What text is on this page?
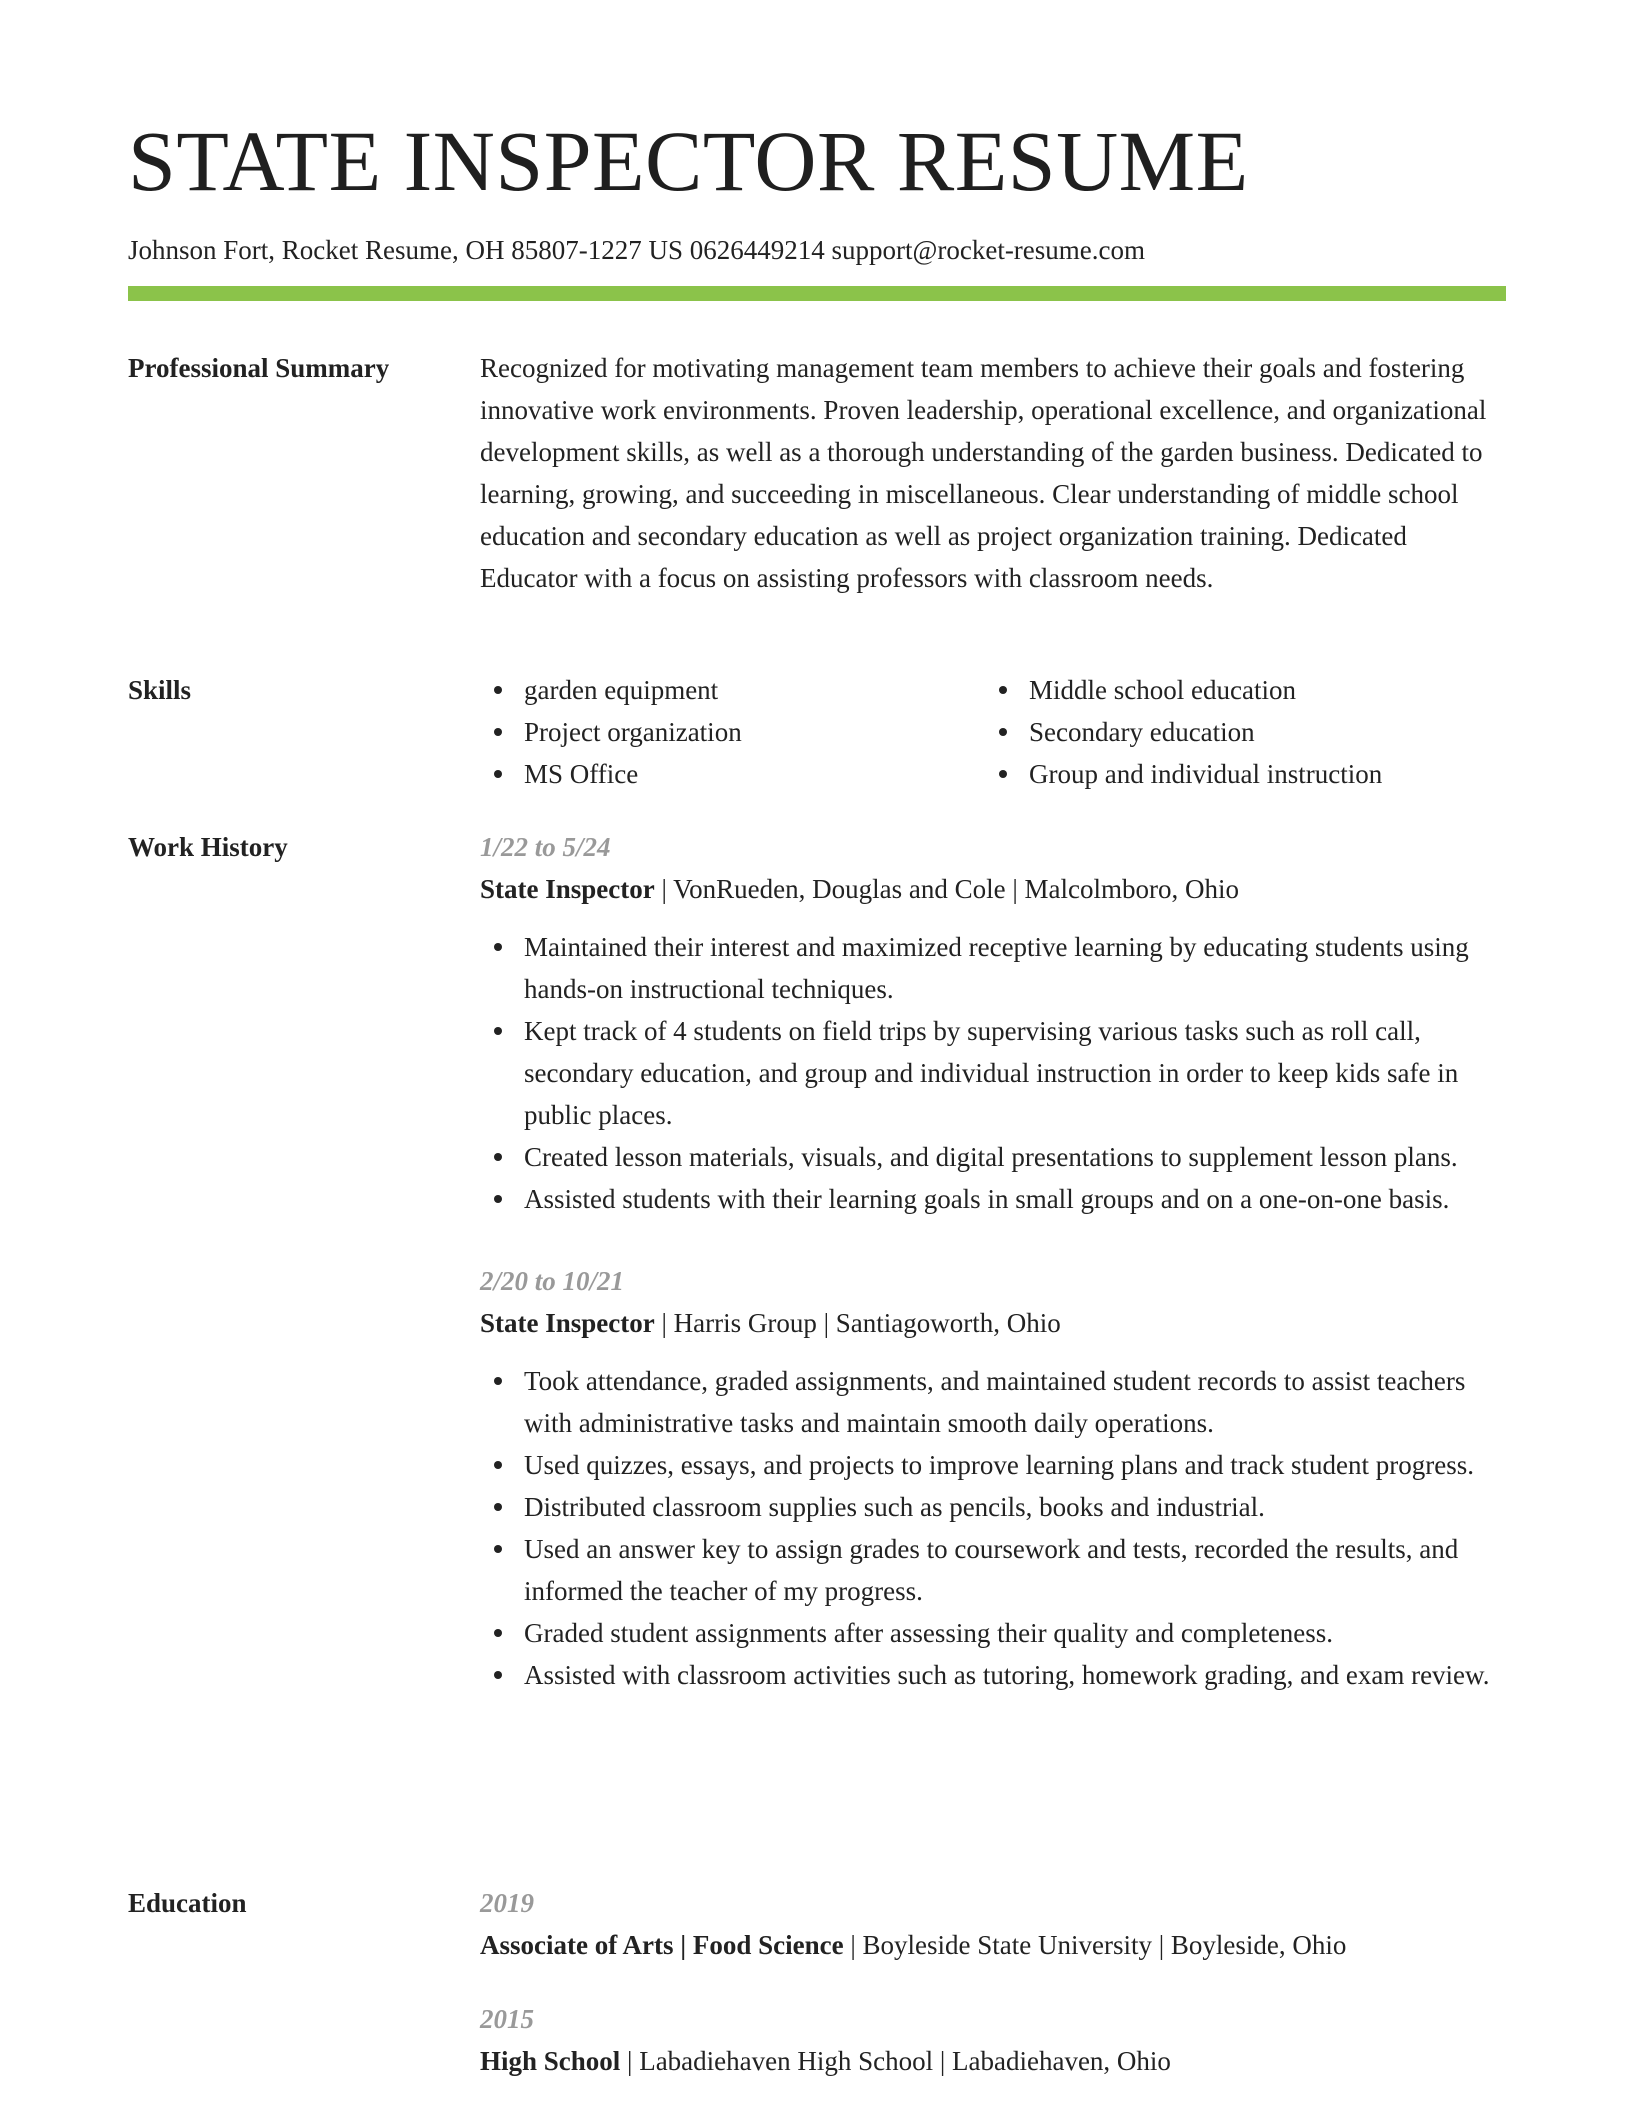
STATE INSPECTOR RESUME
Johnson Fort, Rocket Resume, OH 85807-1227 US 0626449214 support@rocket-resume.com
Professional Summary	Recognized for motivating management team members to achieve their goals and fostering innovative work environments. Proven leadership, operational excellence, and organizational development skills, as well as a thorough understanding of the garden business. Dedicated to learning, growing, and succeeding in miscellaneous. Clear understanding of middle school education and secondary education as well as project organization training. Dedicated Educator with a focus on assisting professors with classroom needs.
Skills	garden equipment
Project organization
MS Office
Middle school education
Secondary education
Group and individual instruction
Work History	1/22 to 5/24
State Inspector | VonRueden, Douglas and Cole | Malcolmboro, Ohio
Maintained their interest and maximized receptive learning by educating students using hands-on instructional techniques.
Kept track of 4 students on field trips by supervising various tasks such as roll call, secondary education, and group and individual instruction in order to keep kids safe in public places.
Created lesson materials, visuals, and digital presentations to supplement lesson plans.
Assisted students with their learning goals in small groups and on a one-on-one basis.
2/20 to 10/21
State Inspector | Harris Group | Santiagoworth, Ohio
Took attendance, graded assignments, and maintained student records to assist teachers with administrative tasks and maintain smooth daily operations.
Used quizzes, essays, and projects to improve learning plans and track student progress.
Distributed classroom supplies such as pencils, books and industrial.
Used an answer key to assign grades to coursework and tests, recorded the results, and informed the teacher of my progress.
Graded student assignments after assessing their quality and completeness.
Assisted with classroom activities such as tutoring, homework grading, and exam review.
Education	2019
Associate of Arts | Food Science | Boyleside State University | Boyleside, Ohio
2015
High School | Labadiehaven High School | Labadiehaven, Ohio
